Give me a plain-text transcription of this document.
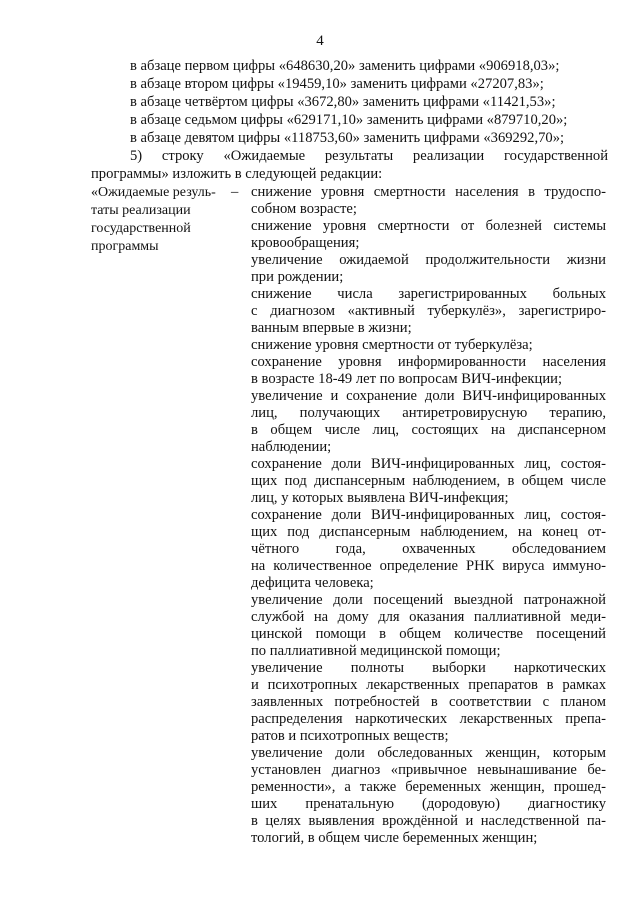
4
в абзаце первом цифры «648630,20» заменить цифрами «906918,03»;
в абзаце втором цифры «19459,10» заменить цифрами «27207,83»;
в абзаце четвёртом цифры «3672,80» заменить цифрами «11421,53»;
в абзаце седьмом цифры «629171,10» заменить цифрами «879710,20»;
в абзаце девятом цифры «118753,60» заменить цифрами «369292,70»;
5) строку «Ожидаемые результаты реализации государственной
программы» изложить в следующей редакции:
«Ожидаемые резуль-
таты реализации
государственной
программы
– снижение уровня смертности населения в трудоспо-
собном возрасте;
снижение уровня смертности от болезней системы
кровообращения;
увеличение ожидаемой продолжительности жизни
при рождении;
снижение числа зарегистрированных больных
с диагнозом «активный туберкулёз», зарегистриро-
ванным впервые в жизни;
снижение уровня смертности от туберкулёза;
сохранение уровня информированности населения
в возрасте 18-49 лет по вопросам ВИЧ-инфекции;
увеличение и сохранение доли ВИЧ-инфицированных
лиц, получающих антиретровирусную терапию,
в общем числе лиц, состоящих на диспансерном
наблюдении;
сохранение доли ВИЧ-инфицированных лиц, состоя-
щих под диспансерным наблюдением, в общем числе
лиц, у которых выявлена ВИЧ-инфекция;
сохранение доли ВИЧ-инфицированных лиц, состоя-
щих под диспансерным наблюдением, на конец от-
чётного года, охваченных обследованием
на количественное определение РНК вируса иммуно-
дефицита человека;
увеличение доли посещений выездной патронажной
службой на дому для оказания паллиативной меди-
цинской помощи в общем количестве посещений
по паллиативной медицинской помощи;
увеличение полноты выборки наркотических
и психотропных лекарственных препаратов в рамках
заявленных потребностей в соответствии с планом
распределения наркотических лекарственных препа-
ратов и психотропных веществ;
увеличение доли обследованных женщин, которым
установлен диагноз «привычное невынашивание бе-
ременности», а также беременных женщин, прошед-
ших пренатальную (дородовую) диагностику
в целях выявления врождённой и наследственной па-
тологий, в общем числе беременных женщин;
